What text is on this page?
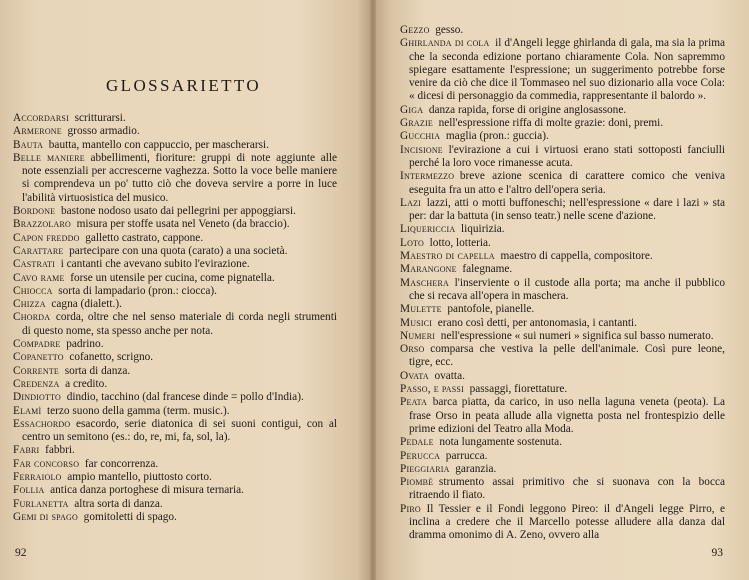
GLOSSARIETTO

Accordarsi  scritturarsi.

Armerone  grosso armadio.

Bauta  bautta, mantello con cappuccio, per mascherarsi.

Belle maniere  abbellimenti, fioriture: gruppi di note aggiunte alle note essenziali per accrescerne vaghezza. Sotto la voce belle maniere si comprendeva un po' tutto ciò che doveva servire a porre in luce l'abilità virtuosistica del musico.

Bordone  bastone nodoso usato dai pellegrini per appoggiarsi.

Brazzolaro  misura per stoffe usata nel Veneto (da braccio).

Capon freddo  galletto castrato, cappone.

Carattare  partecipare con una quota (carato) a una società.

Castrati  i cantanti che avevano subito l'evirazione.

Cavo rame  forse un utensile per cucina, come pignatella.

Chiocca  sorta di lampadario (pron.: ciocca).

Chizza  cagna (dialett.).

Chorda  corda, oltre che nel senso materiale di corda negli strumenti di questo nome, sta spesso anche per nota.

Compadre  padrino.

Copanetto  cofanetto, scrigno.

Corrente  sorta di danza.

Credenza  a credito.

Dindiotto  dindio, tacchino (dal francese dinde = pollo d'India).

Elamì  terzo suono della gamma (term. music.).

Essachordo  esacordo, serie diatonica di sei suoni contigui, con al centro un semitono (es.: do, re, mi, fa, sol, la).

Fabri  fabbri.

Far concorso  far concorrenza.

Ferraiolo  ampio mantello, piuttosto corto.

Follia  antica danza portoghese di misura ternaria.

Furlanetta  altra sorta di danza.

Gemi di spago  gomitoletti di spago.

92

Gezzo  gesso.

Ghirlanda di cola  il d'Angeli legge ghirlanda di gala, ma sia la prima che la seconda edizione portano chiaramente Cola. Non sapremmo spiegare esattamente l'espressione; un suggerimento potrebbe forse venire da ciò che dice il Tommaseo nel suo dizionario alla voce Cola: « dicesi di personaggio da commedia, rappresentante il balordo ».

Giga  danza rapida, forse di origine anglosassone.

Grazie  nell'espressione riffa di molte grazie: doni, premi.

Gucchia  maglia (pron.: guccia).

Incisione  l'evirazione a cui i virtuosi erano stati sottoposti fanciulli perché la loro voce rimanesse acuta.

Intermezzo  breve azione scenica di carattere comico che veniva eseguita fra un atto e l'altro dell'opera seria.

Lazi  lazzi, atti o motti buffoneschi; nell'espressione « dare i lazi » sta per: dar la battuta (in senso teatr.) nelle scene d'azione.

Liquericcia  liquirizia.

Loto  lotto, lotteria.

Maestro di capella  maestro di cappella, compositore.

Marangone  falegname.

Maschera  l'inserviente o il custode alla porta; ma anche il pubblico che si recava all'opera in maschera.

Mulette  pantofole, pianelle.

Musici  erano così detti, per antonomasia, i cantanti.

Numeri  nell'espressione « sui numeri » significa sul basso numerato.

Orso  comparsa che vestiva la pelle dell'animale. Così pure leone, tigre, ecc.

Ovata  ovatta.

Passo, e passi  passaggi, fiorettature.

Peata  barca piatta, da carico, in uso nella laguna veneta (peota). La frase Orso in peata allude alla vignetta posta nel frontespizio delle prime edizioni del Teatro alla Moda.

Pedale  nota lungamente sostenuta.

Perucca  parrucca.

Pieggiaria  garanzia.

Piombè  strumento assai primitivo che si suonava con la bocca ritraendo il fiato.

Piro  Il Tessier e il Fondi leggono Pireo: il d'Angeli legge Pirro, e inclina a credere che il Marcello potesse alludere alla danza dal dramma omonimo di A. Zeno, ovvero alla

93
